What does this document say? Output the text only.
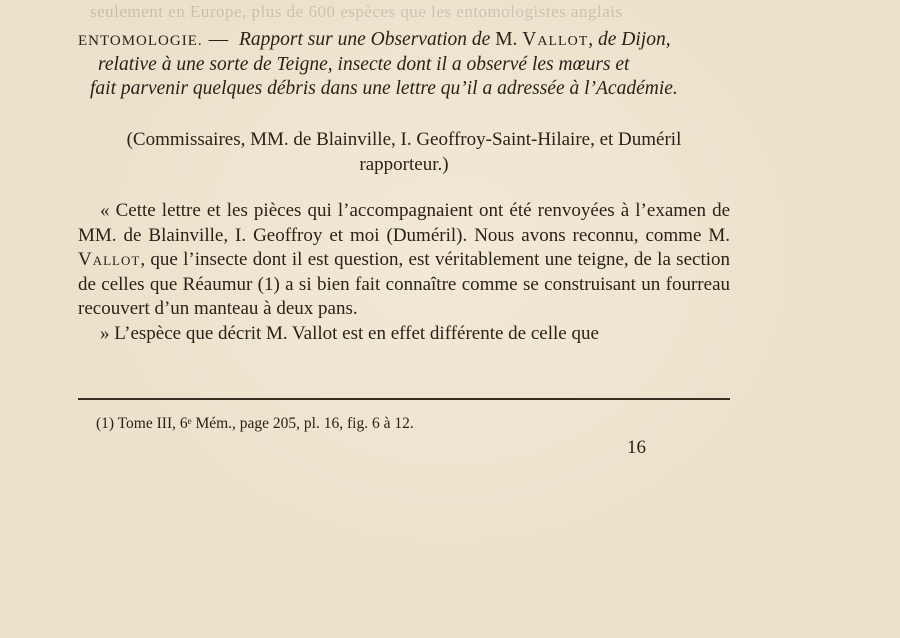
seulement en Europe, plus de 600 espèces que les entomologistes anglais
ENTOMOLOGIE. — Rapport sur une Observation de M. Vallot, de Dijon,
relative à une sorte de Teigne, insecte dont il a observé les mœurs et
fait parvenir quelques débris dans une lettre qu’il a adressée à l’Académie.
(Commissaires, MM. de Blainville, I. Geoffroy-Saint-Hilaire, et Duméril
rapporteur.)

« Cette lettre et les pièces qui l’accompagnaient ont été renvoyées à l’examen de MM. de Blainville, I. Geoffroy et moi (Duméril). Nous avons reconnu, comme M. Vallot, que l’insecte dont il est question, est véritablement une teigne, de la section de celles que Réaumur (1) a si bien fait connaître comme se construisant un fourreau recouvert d’un manteau à deux pans.

» L’espèce que décrit M. Vallot est en effet différente de celle que

(1) Tome III, 6ᵉ Mém., page 205, pl. 16, fig. 6 à 12.
16
